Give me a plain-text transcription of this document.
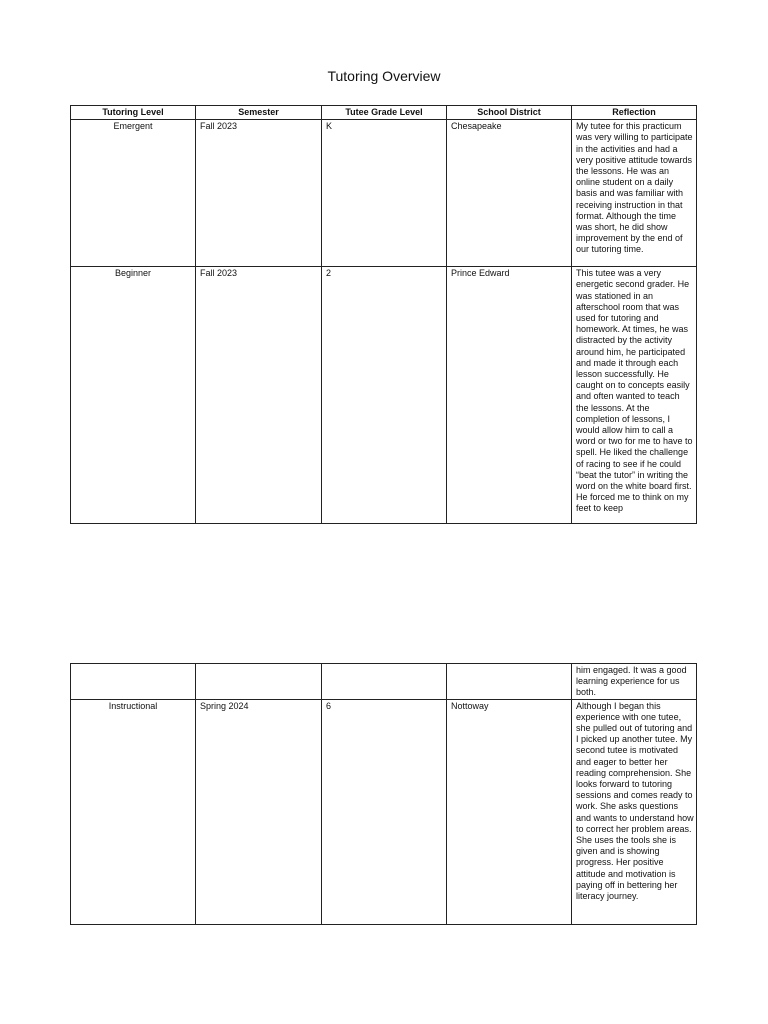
Tutoring Overview
Tutoring Level	Semester	Tutee Grade Level	School District	Reflection
Emergent	Fall 2023	K	Chesapeake	My tutee for this practicum was very willing to participate in the activities and had a very positive attitude towards the lessons. He was an online student on a daily basis and was familiar with receiving instruction in that format. Although the time was short, he did show improvement by the end of our tutoring time.
Beginner	Fall 2023	2	Prince Edward	This tutee was a very energetic second grader. He was stationed in an afterschool room that was used for tutoring and homework. At times, he was distracted by the activity around him, he participated and made it through each lesson successfully. He caught on to concepts easily and often wanted to teach the lessons. At the completion of lessons, I would allow him to call a word or two for me to have to spell. He liked the challenge of racing to see if he could “beat the tutor” in writing the word on the white board first. He forced me to think on my feet to keep
				him engaged. It was a good learning experience for us both.
Instructional	Spring 2024	6	Nottoway	Although I began this experience with one tutee, she pulled out of tutoring and I picked up another tutee. My second tutee is motivated and eager to better her reading comprehension. She looks forward to tutoring sessions and comes ready to work. She asks questions and wants to understand how to correct her problem areas. She uses the tools she is given and is showing progress. Her positive attitude and motivation is paying off in bettering her literacy journey.
